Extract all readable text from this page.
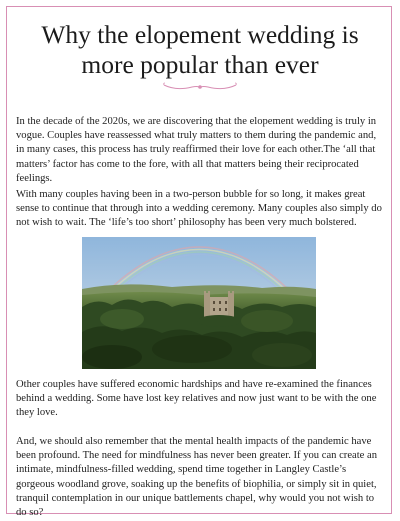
Why the elopement wedding is more popular than ever

In the decade of the 2020s, we are discovering that the elopement wedding is truly in vogue. Couples have reassessed what truly matters to them during the pandemic and, in many cases, this process has truly reaffirmed their love for each other.The ‘all that matters’ factor has come to the fore, with all that matters being their reciprocated feelings.

With many couples having been in a two-person bubble for so long, it makes great sense to continue that through into a wedding ceremony. Many couples also simply do not wish to wait. The ‘life’s too short’ philosophy has been very much bolstered.

Other couples have suffered economic hardships and have re-examined the finances behind a wedding. Some have lost key relatives and now just want to be with the one they love.

And, we should also remember that the mental health impacts of the pandemic have been profound. The need for mindfulness has never been greater. If you can create an intimate, mindfulness-filled wedding, spend time together in Langley Castle’s gorgeous woodland grove, soaking up the benefits of biophilia, or simply sit in quiet, tranquil contemplation in our unique battlements chapel, why would you not wish to do so?
